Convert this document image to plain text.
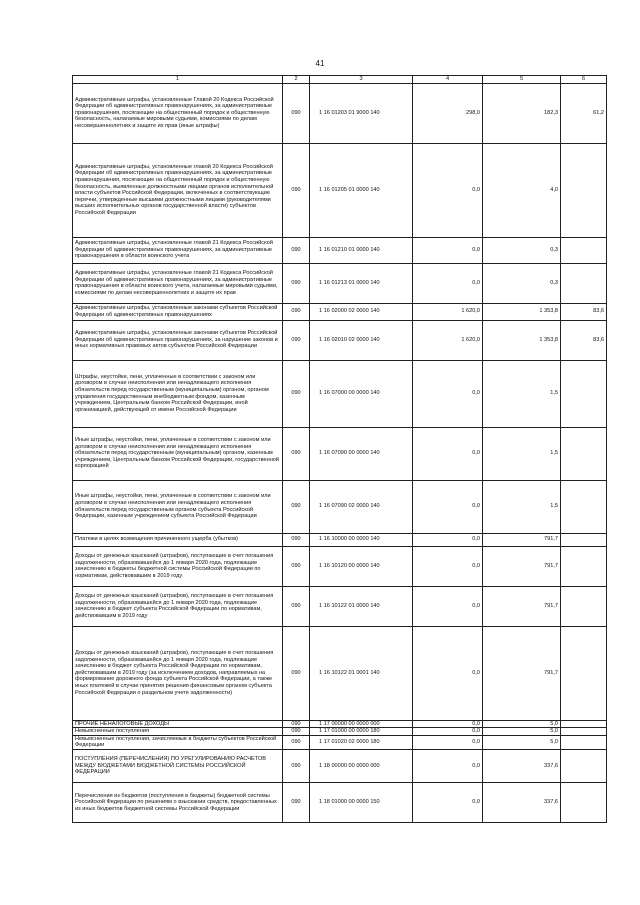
41
1	2	3	4	5	6
Административные штрафы, установленные Главой 20 Кодекса Российской Федерации об административных правонарушениях, за административные правонарушения, посягающие на общественный порядок и общественную безопасность, налагаемые мировыми судьями, комиссиями по делам несовершеннолетних и защите их прав (иные штрафы)	090	1 16 01203 01 9000 140	298,0	182,3	61,2
Административные штрафы, установленные главой 20 Кодекса Российской Федерации об административных правонарушениях, за административные правонарушения, посягающие на общественный порядок и общественную безопасность, выявленные должностными лицами органов исполнительной власти субъектов Российской Федерации, включенных в соответствующие перечни, утвержденные высшими должностными лицами (руководителями высших исполнительных органов государственной власти) субъектов Российской Федерации	090	1 16 01205 01 0000 140	0,0	4,0	
Административные штрафы, установленные главой 21 Кодекса Российской Федерации об административных правонарушениях, за административные правонарушения в области воинского учета	090	1 16 01210 01 0000 140	0,0	0,3	
Административные штрафы, установленные главой 21 Кодекса Российской Федерации об административных правонарушениях, за административные правонарушения в области воинского учета, налагаемые мировыми судьями, комиссиями по делам несовершеннолетних и защите их прав	090	1 16 01213 01 0000 140	0,0	0,3	
Административные штрафы, установленные законами субъектов Российской Федерации об административных правонарушениях	090	1 16 02000 02 0000 140	1 620,0	1 353,8	83,6
Административные штрафы, установленные законами субъектов Российской Федерации об административных правонарушениях, за нарушение законов и иных нормативных правовых актов субъектов Российской Федерации	090	1 16 02010 02 0000 140	1 620,0	1 353,8	83,6
Штрафы, неустойки, пени, уплаченные в соответствии с законом или договором в случае неисполнения или ненадлежащего исполнения обязательств перед государственным (муниципальным) органом, органом управления государственным внебюджетным фондом, казенным учреждением, Центральным банком Российской Федерации, иной организацией, действующей от имени Российской Федерации	090	1 16 07000 00 0000 140	0,0	1,5	
Иные штрафы, неустойки, пени, уплаченные в соответствии с законом или договором в случае неисполнения или ненадлежащего исполнения обязательств перед государственным (муниципальным) органом, казенным учреждением, Центральным банком Российской Федерации, государственной корпорацией	090	1 16 07090 00 0000 140	0,0	1,5	
Иные штрафы, неустойки, пени, уплаченные в соответствии с законом или договором в случае неисполнения или ненадлежащего исполнения обязательств перед государственным органом субъекта Российской Федерации, казенным учреждением субъекта Российской Федерации	090	1 16 07090 02 0000 140	0,0	1,5	
Платежи в целях возмещения причиненного ущерба (убытков)	090	1 16 10000 00 0000 140	0,0	791,7	
Доходы от денежных взысканий (штрафов), поступающие в счет погашения задолженности, образовавшейся до 1 января 2020 года, подлежащие зачислению в бюджеты бюджетной системы Российской Федерации по нормативам, действовавшим в 2019 году	090	1 16 10120 00 0000 140	0,0	791,7	
Доходы от денежных взысканий (штрафов), поступающие в счет погашения задолженности, образовавшейся до 1 января 2020 года, подлежащие зачислению в бюджет субъекта Российской Федерации по нормативам, действовавшим в 2019 году	090	1 16 10122 01 0000 140	0,0	791,7	
Доходы от денежных взысканий (штрафов), поступающие в счет погашения задолженности, образовавшейся до 1 января 2020 года, подлежащие зачислению в бюджет субъекта Российской Федерации по нормативам, действовавшим в 2019 году (за исключением доходов, направляемых на формирование дорожного фонда субъекта Российской Федерации, а также иных платежей в случае принятия решения финансовым органом субъекта Российской Федерации о раздельном учете задолженности)	090	1 16 10122 01 0001 140	0,0	791,7	
ПРОЧИЕ НЕНАЛОГОВЫЕ ДОХОДЫ	090	1 17 00000 00 0000 000	0,0	5,0	
Невыясненные поступления	090	1 17 01000 00 0000 180	0,0	5,0	
Невыясненные поступления, зачисляемые в бюджеты субъектов Российской Федерации	090	1 17 01020 02 0000 180	0,0	5,0	
ПОСТУПЛЕНИЯ (ПЕРЕЧИСЛЕНИЯ) ПО УРЕГУЛИРОВАНИЮ РАСЧЕТОВ МЕЖДУ БЮДЖЕТАМИ БЮДЖЕТНОЙ СИСТЕМЫ РОССИЙСКОЙ ФЕДЕРАЦИИ	090	1 18 00000 00 0000 000	0,0	337,6	
Перечисления из бюджетов (поступления в бюджеты) бюджетной системы Российской Федерации по решениям о взыскании средств, предоставленных из иных бюджетов бюджетной системы Российской Федерации	090	1 18 01000 00 0000 150	0,0	337,6	
